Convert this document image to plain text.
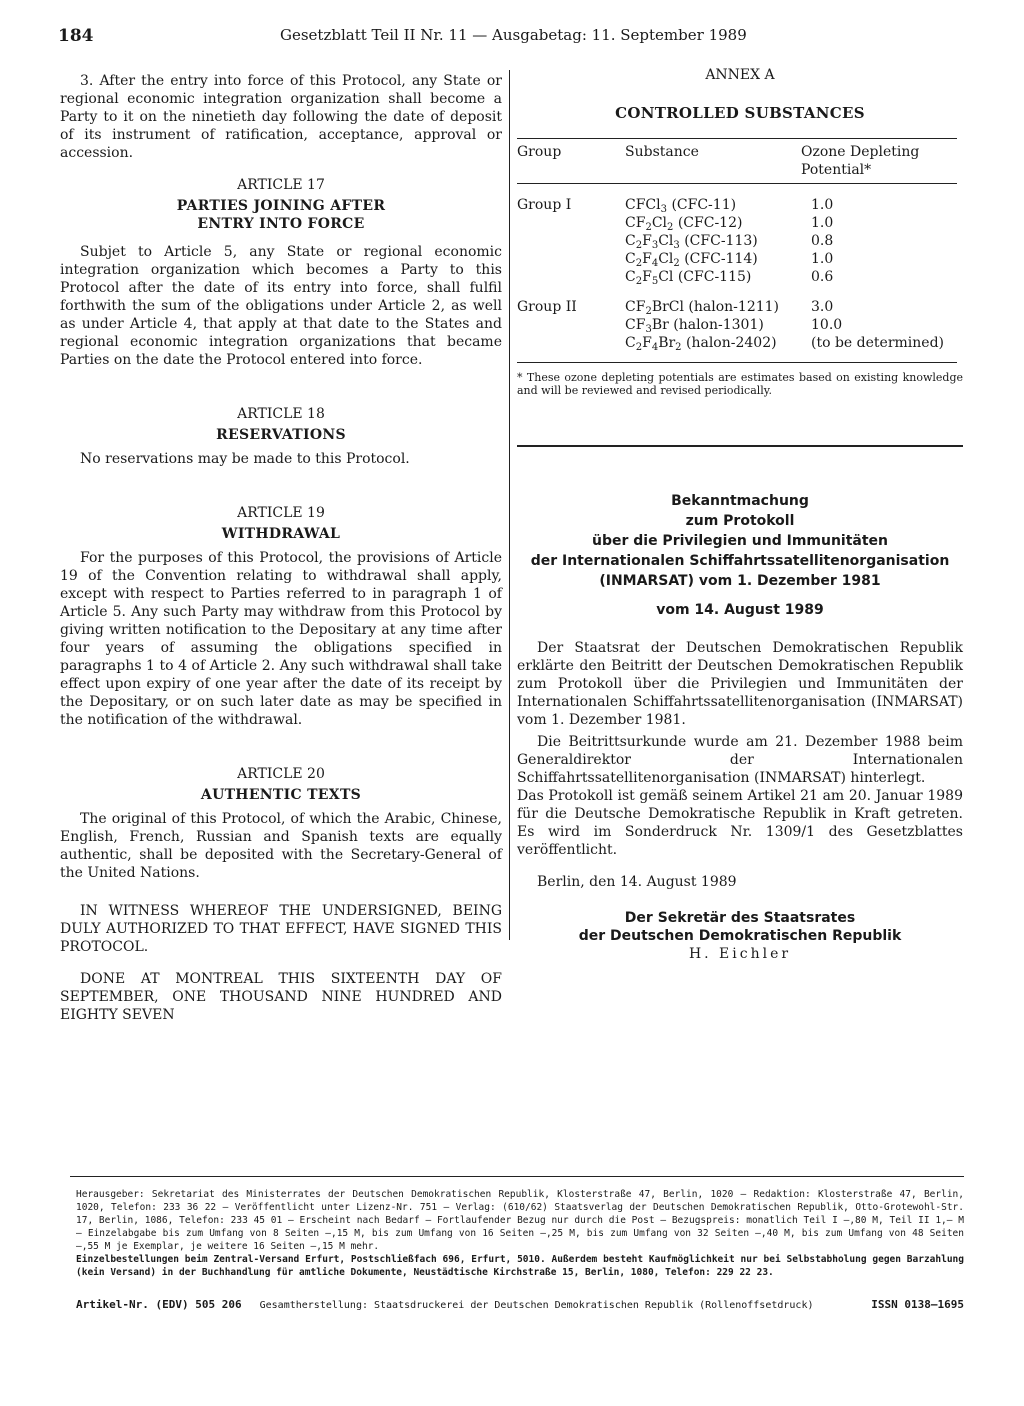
184	Gesetzblatt Teil II Nr. 11 — Ausgabetag: 11. September 1989

3. After the entry into force of this Protocol, any State or regional economic integration organization shall become a Party to it on the ninetieth day following the date of deposit of its instrument of ratification, acceptance, approval or accession.

ARTICLE 17
PARTIES JOINING AFTER
ENTRY INTO FORCE

Subjet to Article 5, any State or regional economic integration organization which becomes a Party to this Protocol after the date of its entry into force, shall fulfil forthwith the sum of the obligations under Article 2, as well as under Article 4, that apply at that date to the States and regional economic integration organizations that became Parties on the date the Protocol entered into force.

ARTICLE 18
RESERVATIONS

No reservations may be made to this Protocol.

ARTICLE 19
WITHDRAWAL

For the purposes of this Protocol, the provisions of Article 19 of the Convention relating to withdrawal shall apply, except with respect to Parties referred to in paragraph 1 of Article 5. Any such Party may withdraw from this Protocol by giving written notification to the Depositary at any time after four years of assuming the obligations specified in paragraphs 1 to 4 of Article 2. Any such withdrawal shall take effect upon expiry of one year after the date of its receipt by the Depositary, or on such later date as may be specified in the notification of the withdrawal.

ARTICLE 20
AUTHENTIC TEXTS

The original of this Protocol, of which the Arabic, Chinese, English, French, Russian and Spanish texts are equally authentic, shall be deposited with the Secretary-General of the United Nations.

IN WITNESS WHEREOF THE UNDERSIGNED, BEING DULY AUTHORIZED TO THAT EFFECT, HAVE SIGNED THIS PROTOCOL.

DONE AT MONTREAL THIS SIXTEENTH DAY OF SEPTEMBER, ONE THOUSAND NINE HUNDRED AND EIGHTY SEVEN

ANNEX A
CONTROLLED SUBSTANCES
Group	Substance	Ozone Depleting
Potential*
Group I	CFCl$_3$ (CFC-11)	1.0
	$CF_2Cl_2$ (CFC-12)	1.0
	$C_2F_3Cl_3$ (CFC-113)	0.8
	$C_2F_4Cl_2$ (CFC-114)	1.0
	$C_2F_5Cl$ (CFC-115)	0.6
Group II	$CF_2BrCl$ (halon-1211)	3.0
	$CF_3Br$ (halon-1301)	10.0
	$C_2F_4Br_2$ (halon-2402)	(to be determined)

* These ozone depleting potentials are estimates based on existing knowledge and will be reviewed and revised periodically.
Bekanntmachung
zum Protokoll
über die Privilegien und Immunitäten
der Internationalen Schiffahrtssatellitenorganisation
(INMARSAT) vom 1. Dezember 1981
vom 14. August 1989

Der Staatsrat der Deutschen Demokratischen Republik erklärte den Beitritt der Deutschen Demokratischen Republik zum Protokoll über die Privilegien und Immunitäten der Internationalen Schiffahrtssatellitenorganisation (INMARSAT) vom 1. Dezember 1981.

Die Beitrittsurkunde wurde am 21. Dezember 1988 beim Generaldirektor der Internationalen Schiffahrtssatellitenorganisation (INMARSAT) hinterlegt.

Das Protokoll ist gemäß seinem Artikel 21 am 20. Januar 1989 für die Deutsche Demokratische Republik in Kraft getreten. Es wird im Sonderdruck Nr. 1309/1 des Gesetzblattes veröffentlicht.

Berlin, den 14. August 1989

Der Sekretär des Staatsrates
der Deutschen Demokratischen Republik
H. Eichler
Herausgeber: Sekretariat des Ministerrates der Deutschen Demokratischen Republik, Klosterstraße 47, Berlin, 1020 – Redaktion: Klosterstraße 47, Berlin, 1020, Telefon: 233 36 22 – Veröffentlicht unter Lizenz-Nr. 751 – Verlag: (610/62) Staatsverlag der Deutschen Demokratischen Republik, Otto-Grotewohl-Str. 17, Berlin, 1086, Telefon: 233 45 01 – Erscheint nach Bedarf – Fortlaufender Bezug nur durch die Post – Bezugspreis: monatlich Teil I –,80 M, Teil II 1,– M – Einzelabgabe bis zum Umfang von 8 Seiten –,15 M, bis zum Umfang von 16 Seiten –,25 M, bis zum Umfang von 32 Seiten –,40 M, bis zum Umfang von 48 Seiten –,55 M je Exemplar, je weitere 16 Seiten –,15 M mehr.
Einzelbestellungen beim Zentral-Versand Erfurt, Postschließfach 696, Erfurt, 5010. Außerdem besteht Kaufmöglichkeit nur bei Selbstabholung gegen Barzahlung (kein Versand) in der Buchhandlung für amtliche Dokumente, Neustädtische Kirchstraße 15, Berlin, 1080, Telefon: 229 22 23.
Artikel-Nr. (EDV) 505 206 Gesamtherstellung: Staatsdruckerei der Deutschen Demokratischen Republik (Rollenoffsetdruck)	ISSN 0138–1695
